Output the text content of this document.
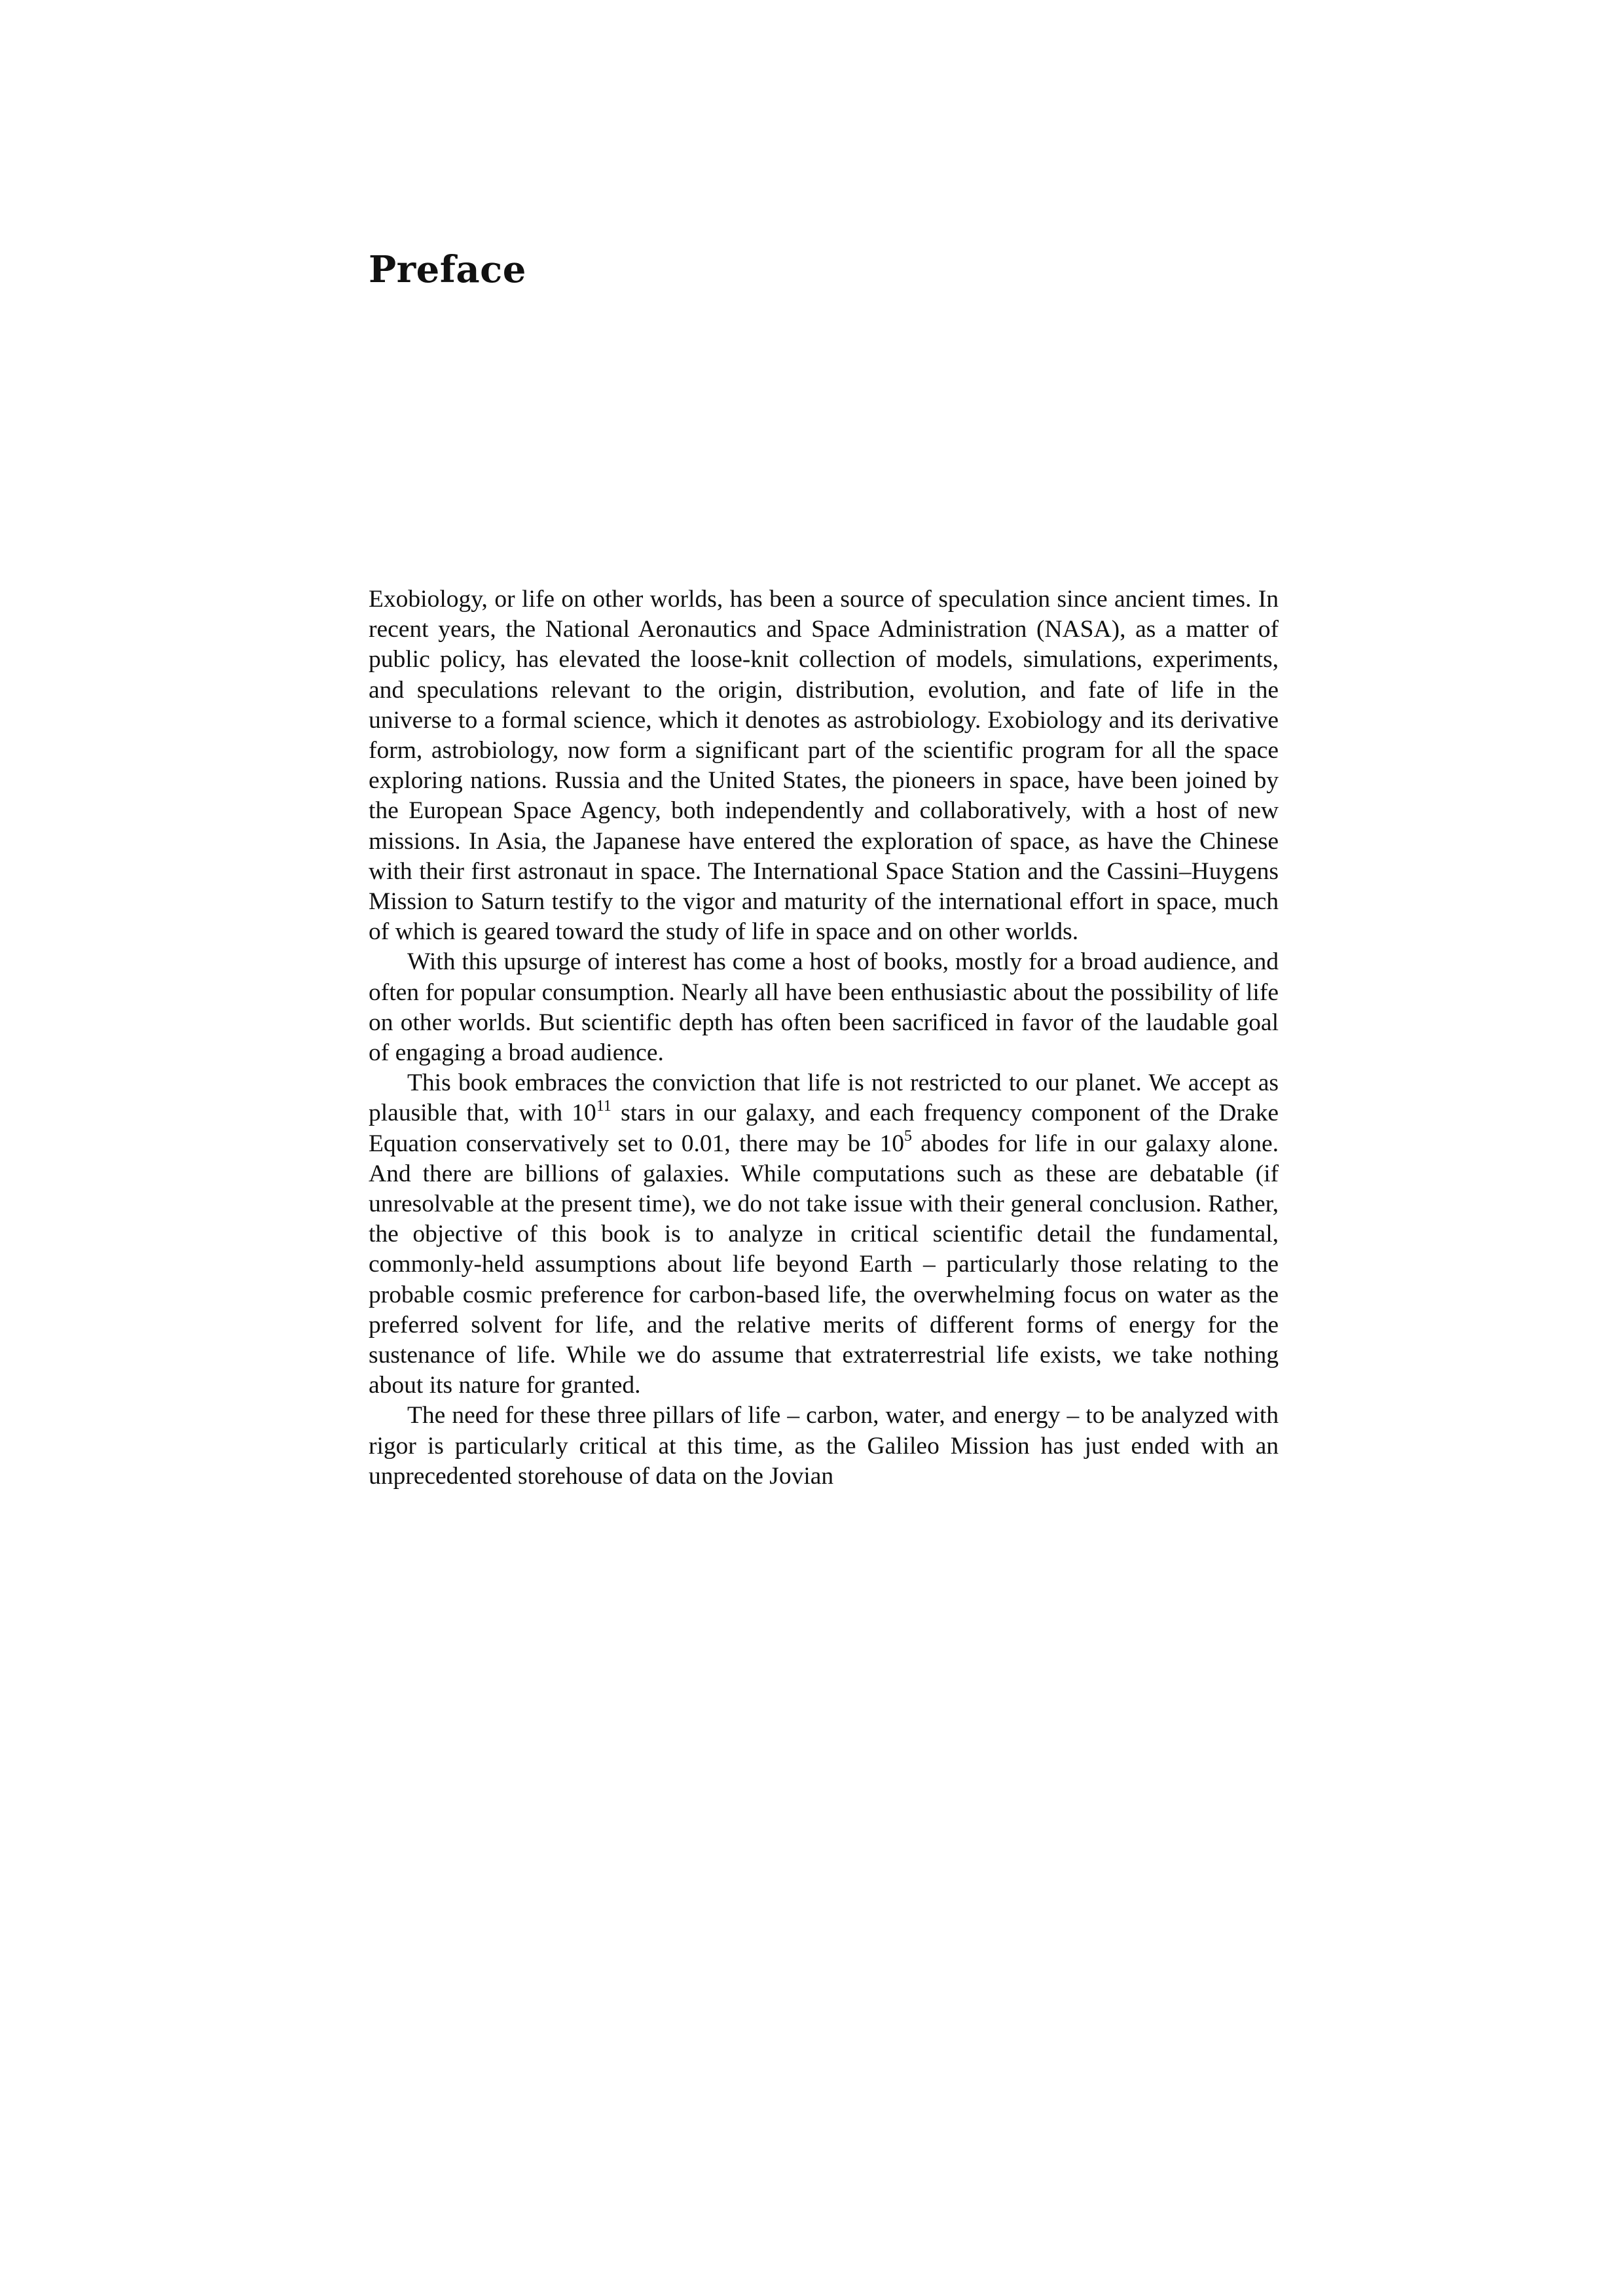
Preface

Exobiology, or life on other worlds, has been a source of speculation since ancient times. In recent years, the National Aeronautics and Space Administration (NASA), as a matter of public policy, has elevated the loose-knit collection of models, simulations, experiments, and speculations relevant to the origin, distribution, evolution, and fate of life in the universe to a formal science, which it denotes as astrobiology. Exobiology and its derivative form, astrobiology, now form a significant part of the scientific program for all the space exploring nations. Russia and the United States, the pioneers in space, have been joined by the European Space Agency, both independently and collaboratively, with a host of new missions. In Asia, the Japanese have entered the exploration of space, as have the Chinese with their first astronaut in space. The International Space Station and the Cassini–Huygens Mission to Saturn testify to the vigor and maturity of the international effort in space, much of which is geared toward the study of life in space and on other worlds.

With this upsurge of interest has come a host of books, mostly for a broad audience, and often for popular consumption. Nearly all have been enthusiastic about the possibility of life on other worlds. But scientific depth has often been sacrificed in favor of the laudable goal of engaging a broad audience.

This book embraces the conviction that life is not restricted to our planet. We accept as plausible that, with $10^{11}$ stars in our galaxy, and each frequency component of the Drake Equation conservatively set to 0.01, there may be $10^5$ abodes for life in our galaxy alone. And there are billions of galaxies. While computations such as these are debatable (if unresolvable at the present time), we do not take issue with their general conclusion. Rather, the objective of this book is to analyze in critical scientific detail the fundamental, commonly-held assumptions about life beyond Earth – particularly those relating to the probable cosmic preference for carbon-based life, the overwhelming focus on water as the preferred solvent for life, and the relative merits of different forms of energy for the sustenance of life. While we do assume that extraterrestrial life exists, we take nothing about its nature for granted.

The need for these three pillars of life – carbon, water, and energy – to be analyzed with rigor is particularly critical at this time, as the Galileo Mission has just ended with an unprecedented storehouse of data on the Jovian
